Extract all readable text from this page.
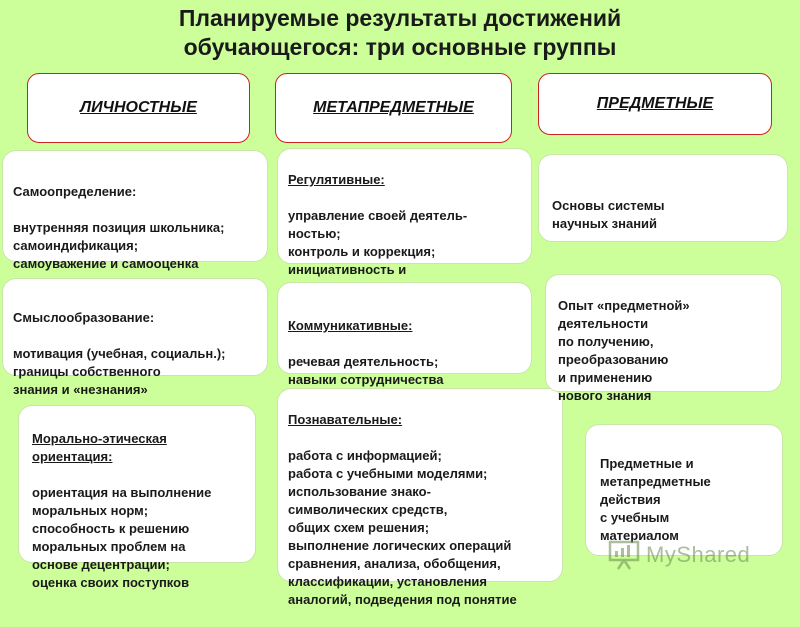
Планируемые результаты достижений
обучающегося: три основные группы
ЛИЧНОСТНЫЕ	МЕТАПРЕДМЕТНЫЕ	ПРЕДМЕТНЫЕ

Самоопределение:

внутренняя позиция школьника;
самоиндификация;
самоуважение и самооценка

Смыслообразование:

мотивация (учебная, социальн.);
границы собственного
знания и «незнания»

Морально-этическая
ориентация:

ориентация на выполнение
моральных норм;
способность к решению
моральных проблем на
основе децентрации;
оценка своих поступков

Регулятивные:

управление своей деятель-
ностью;
контроль и коррекция;
инициативность и

Коммуникативные:

речевая деятельность;
навыки сотрудничества

Познавательные:

работа с информацией;
работа с учебными моделями;
использование знако-
символических средств,
общих схем решения;
выполнение логических операций
сравнения, анализа, обобщения,
классификации, установления
аналогий, подведения под понятие

Основы системы
научных знаний

Опыт «предметной»
деятельности
по получению,
преобразованию
и применению
нового знания

Предметные и
метапредметные
действия
с учебным
материалом

MyShared
